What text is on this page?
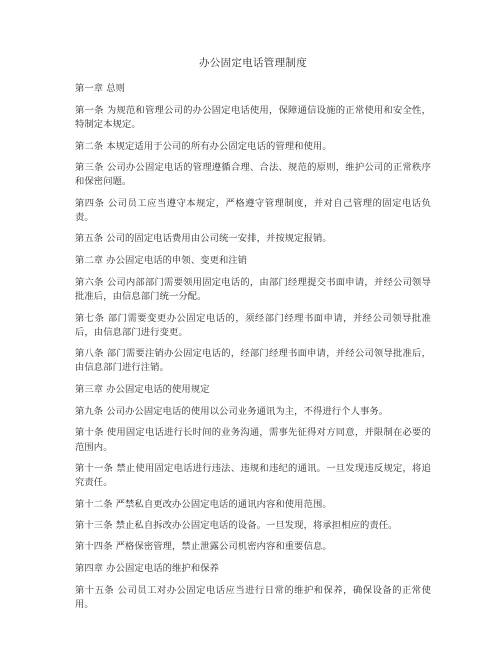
办公固定电话管理制度

第一章 总则

第一条 为规范和管理公司的办公固定电话使用，保障通信设施的正常使用和安全性，特制定本规定。

第二条 本规定适用于公司的所有办公固定电话的管理和使用。

第三条 公司办公固定电话的管理遵循合理、合法、规范的原则，维护公司的正常秩序和保密问题。

第四条 公司员工应当遵守本规定，严格遵守管理制度，并对自己管理的固定电话负责。

第五条 公司的固定电话费用由公司统一安排，并按规定报销。

第二章 办公固定电话的申领、变更和注销

第六条 公司内部部门需要领用固定电话的，由部门经理提交书面申请，并经公司领导批准后，由信息部门统一分配。

第七条 部门需要变更办公固定电话的，须经部门经理书面申请，并经公司领导批准后，由信息部门进行变更。

第八条 部门需要注销办公固定电话的，经部门经理书面申请，并经公司领导批准后，由信息部门进行注销。

第三章 办公固定电话的使用规定

第九条 公司办公固定电话的使用以公司业务通讯为主，不得进行个人事务。

第十条 使用固定电话进行长时间的业务沟通，需事先征得对方同意，并限制在必要的范围内。

第十一条 禁止使用固定电话进行违法、违规和违纪的通讯。一旦发现违反规定，将追究责任。

第十二条 严禁私自更改办公固定电话的通讯内容和使用范围。

第十三条 禁止私自拆改办公固定电话的设备。一旦发现，将承担相应的责任。

第十四条 严格保密管理，禁止泄露公司机密内容和重要信息。

第四章 办公固定电话的维护和保养

第十五条 公司员工对办公固定电话应当进行日常的维护和保养，确保设备的正常使用。
